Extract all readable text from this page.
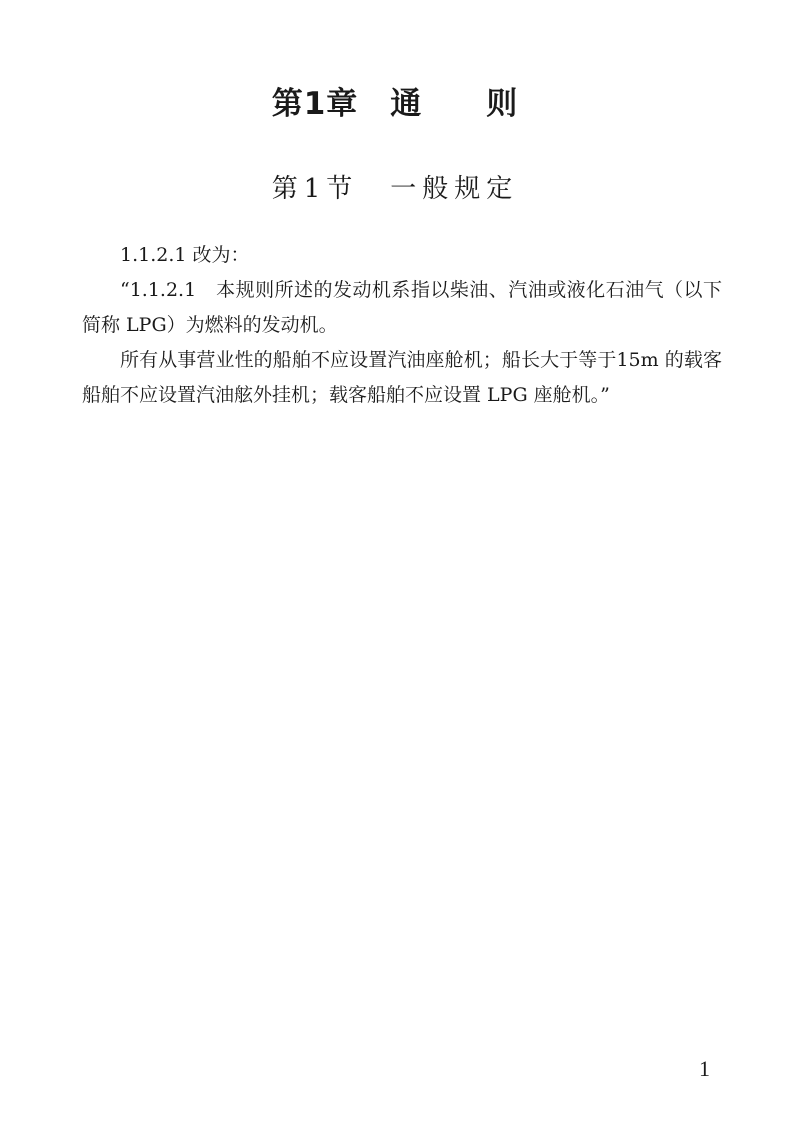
第1章　通　　则
第1节　一般规定

1.1.2.1 改为：

“1.1.2.1　本规则所述的发动机系指以柴油、汽油或液化石油气（以下简称 LPG）为燃料的发动机。

所有从事营业性的船舶不应设置汽油座舱机；船长大于等于15m 的载客船舶不应设置汽油舷外挂机；载客船舶不应设置 LPG 座舱机。”

1
